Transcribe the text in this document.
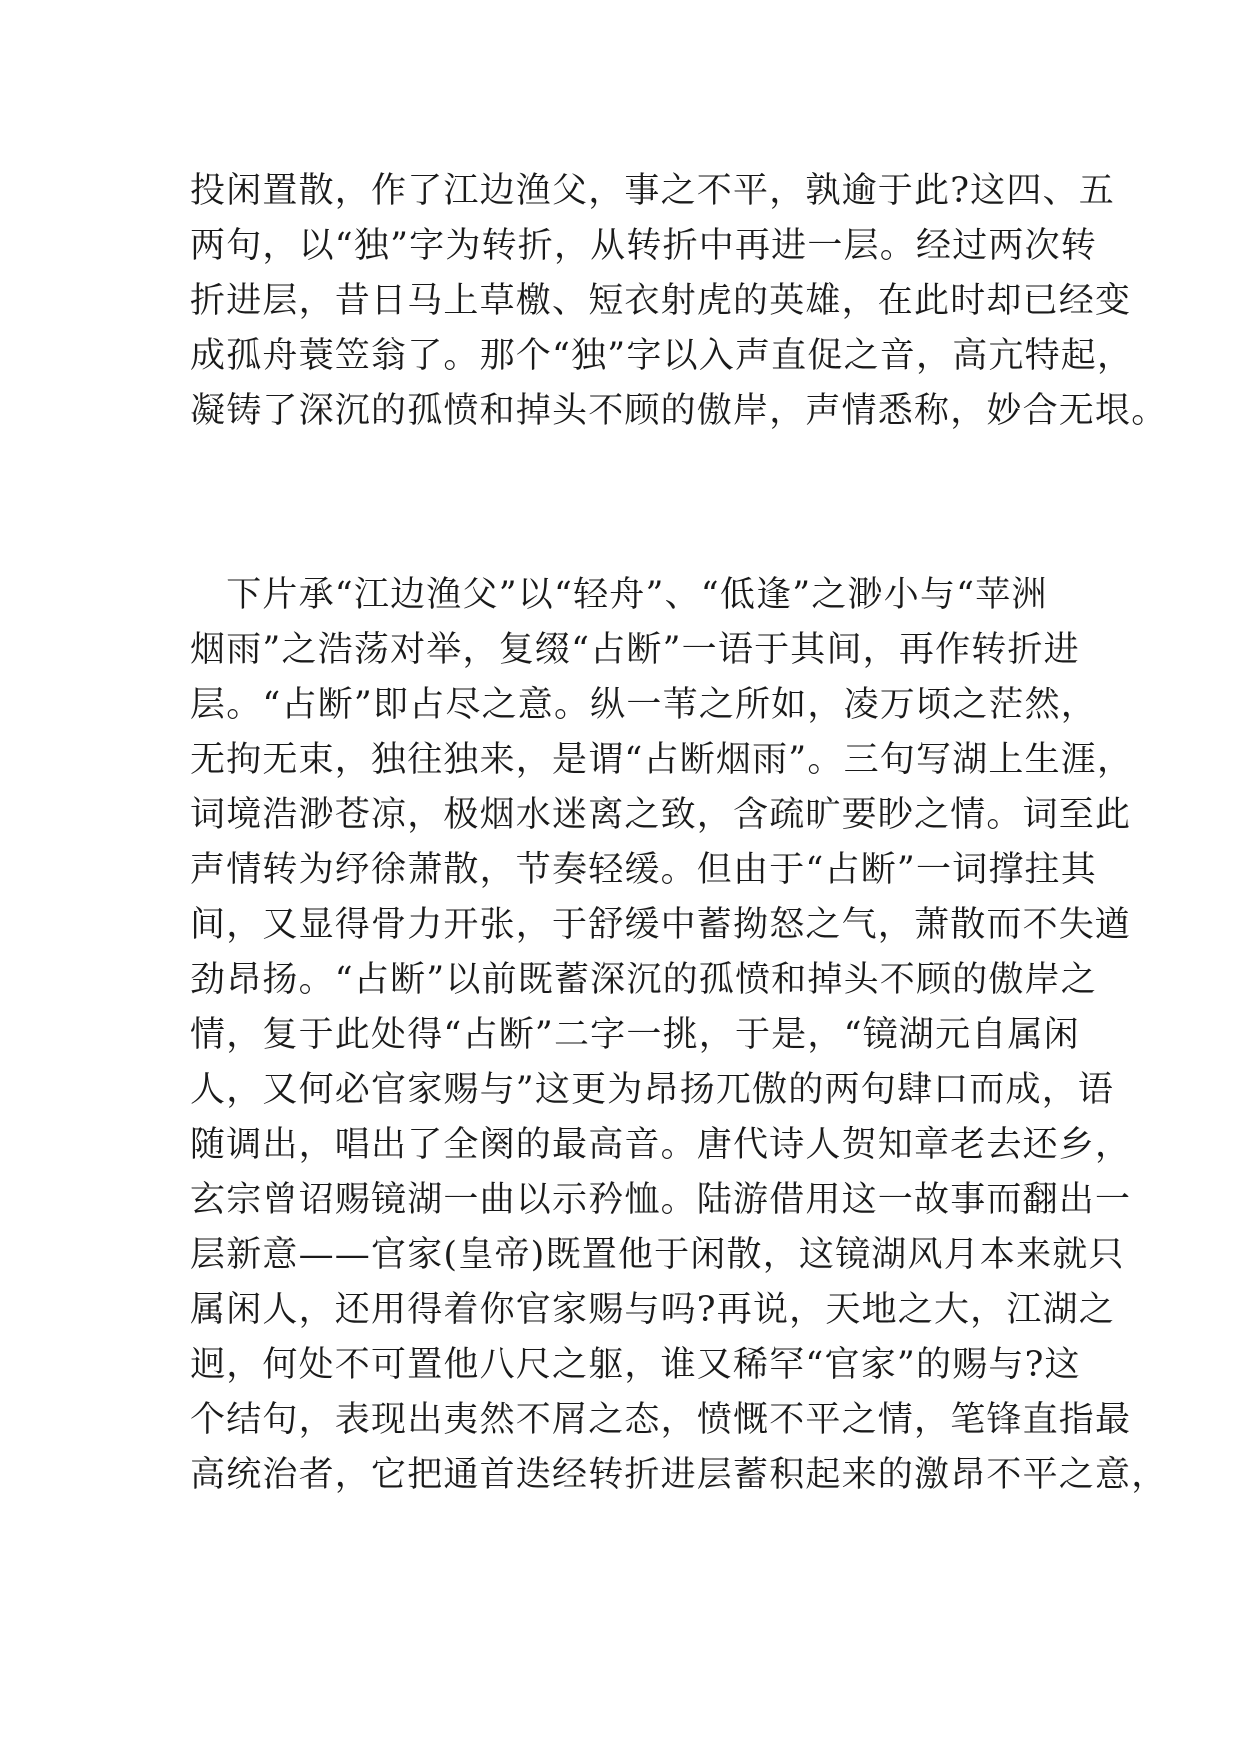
投闲置散，作了江边渔父，事之不平，孰逾于此?这四、五
两句，以“独”字为转折，从转折中再进一层。经过两次转
折进层，昔日马上草檄、短衣射虎的英雄，在此时却已经变
成孤舟蓑笠翁了。那个“独”字以入声直促之音，高亢特起，
凝铸了深沉的孤愤和掉头不顾的傲岸，声情悉称，妙合无垠。
　下片承“江边渔父”以“轻舟”、“低逢”之渺小与“苹洲
烟雨”之浩荡对举，复缀“占断”一语于其间，再作转折进
层。“占断”即占尽之意。纵一苇之所如，凌万顷之茫然，
无拘无束，独往独来，是谓“占断烟雨”。三句写湖上生涯，
词境浩渺苍凉，极烟水迷离之致，含疏旷要眇之情。词至此
声情转为纾徐萧散，节奏轻缓。但由于“占断”一词撑拄其
间，又显得骨力开张，于舒缓中蓄拗怒之气，萧散而不失遒
劲昂扬。“占断”以前既蓄深沉的孤愤和掉头不顾的傲岸之
情，复于此处得“占断”二字一挑，于是，“镜湖元自属闲
人，又何必官家赐与”这更为昂扬兀傲的两句肆口而成，语
随调出，唱出了全阕的最高音。唐代诗人贺知章老去还乡，
玄宗曾诏赐镜湖一曲以示矜恤。陆游借用这一故事而翻出一
层新意——官家(皇帝)既置他于闲散，这镜湖风月本来就只
属闲人，还用得着你官家赐与吗?再说，天地之大，江湖之
迥，何处不可置他八尺之躯，谁又稀罕“官家”的赐与?这
个结句，表现出夷然不屑之态，愤慨不平之情，笔锋直指最
高统治者，它把通首迭经转折进层蓄积起来的激昂不平之意，
